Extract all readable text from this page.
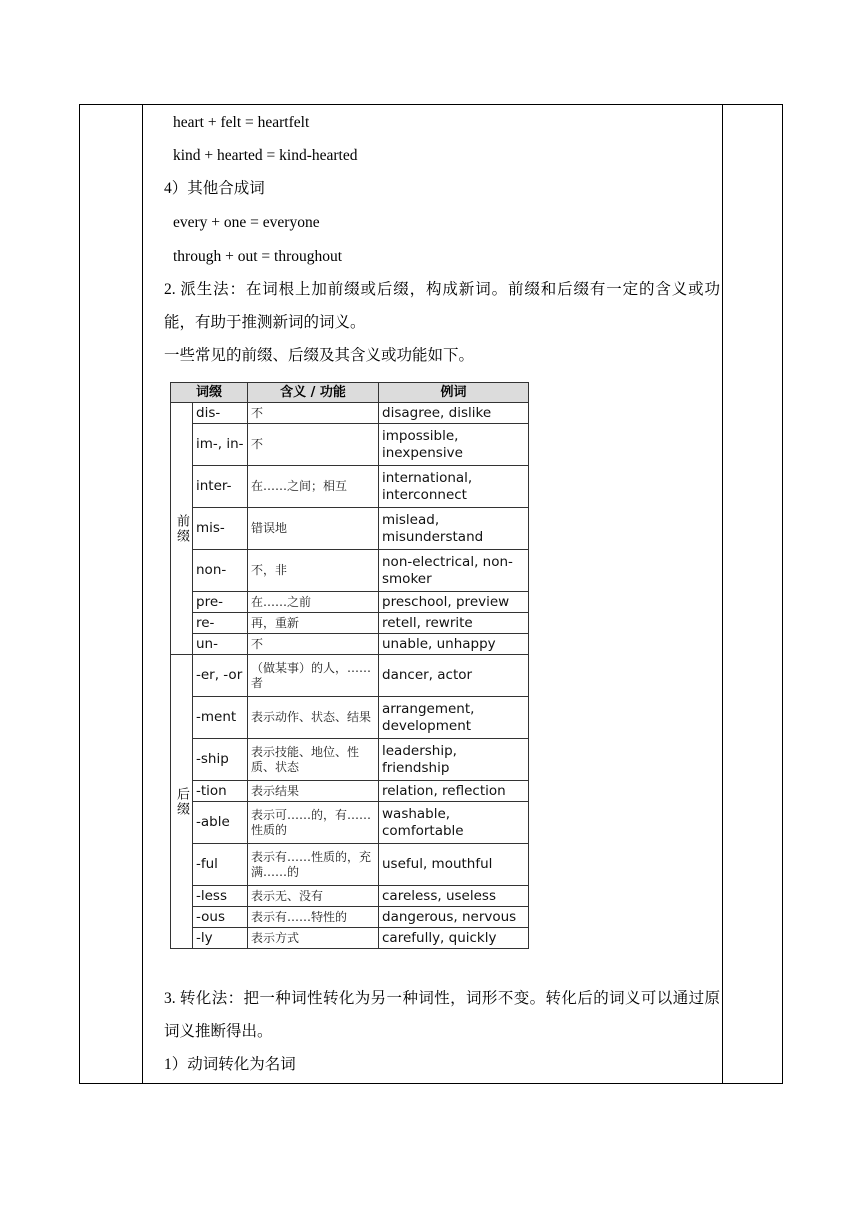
heart + felt = heartfelt
kind + hearted = kind-hearted
4）其他合成词
every + one = everyone
through + out = throughout

2. 派生法：在词根上加前缀或后缀，构成新词。前缀和后缀有一定的含义或功能，有助于推测新词的词义。

一些常见的前缀、后缀及其含义或功能如下。

词缀		含义 / 功能	例词
前缀	dis-	不	disagree, dislike
	im-, in-	不	impossible, inexpensive
	inter-	在……之间；相互	international, interconnect
	mis-	错误地	mislead, misunderstand
	non-	不，非	non-electrical, non-smoker
	pre-	在……之前	preschool, preview
	re-	再，重新	retell, rewrite
	un-	不	unable, unhappy
后缀	-er, -or	（做某事）的人，……者	dancer, actor
	-ment	表示动作、状态、结果	arrangement, development
	-ship	表示技能、地位、性质、状态	leadership, friendship
	-tion	表示结果	relation, reflection
	-able	表示可……的，有……性质的	washable, comfortable
	-ful	表示有……性质的，充满……的	useful, mouthful
	-less	表示无、没有	careless, useless
	-ous	表示有……特性的	dangerous, nervous
	-ly	表示方式	carefully, quickly

3. 转化法：把一种词性转化为另一种词性，词形不变。转化后的词义可以通过原词义推断得出。

1）动词转化为名词
